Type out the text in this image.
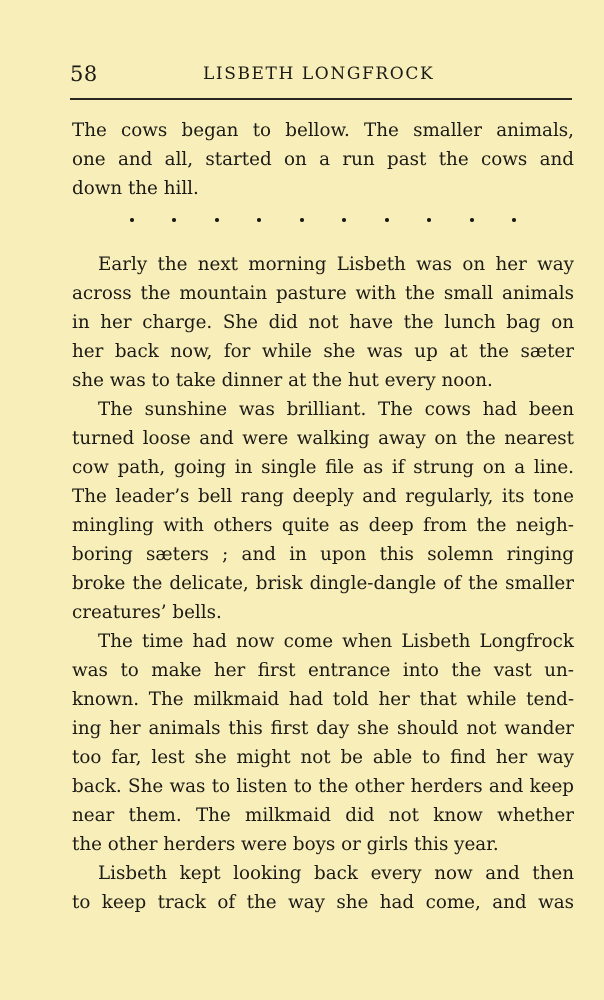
58	LISBETH LONGFROCK
The cows began to bellow. The smaller animals,
one and all, started on a run past the cows and
down the hill.
Early the next morning Lisbeth was on her way
across the mountain pasture with the small animals
in her charge. She did not have the lunch bag on
her back now, for while she was up at the sæter
she was to take dinner at the hut every noon.
The sunshine was brilliant. The cows had been
turned loose and were walking away on the nearest
cow path, going in single file as if strung on a line.
The leader’s bell rang deeply and regularly, its tone
mingling with others quite as deep from the neigh-
boring sæters ; and in upon this solemn ringing
broke the delicate, brisk dingle-dangle of the smaller
creatures’ bells.
The time had now come when Lisbeth Longfrock
was to make her first entrance into the vast un-
known. The milkmaid had told her that while tend-
ing her animals this first day she should not wander
too far, lest she might not be able to find her way
back. She was to listen to the other herders and keep
near them. The milkmaid did not know whether
the other herders were boys or girls this year.
Lisbeth kept looking back every now and then
to keep track of the way she had come, and was
